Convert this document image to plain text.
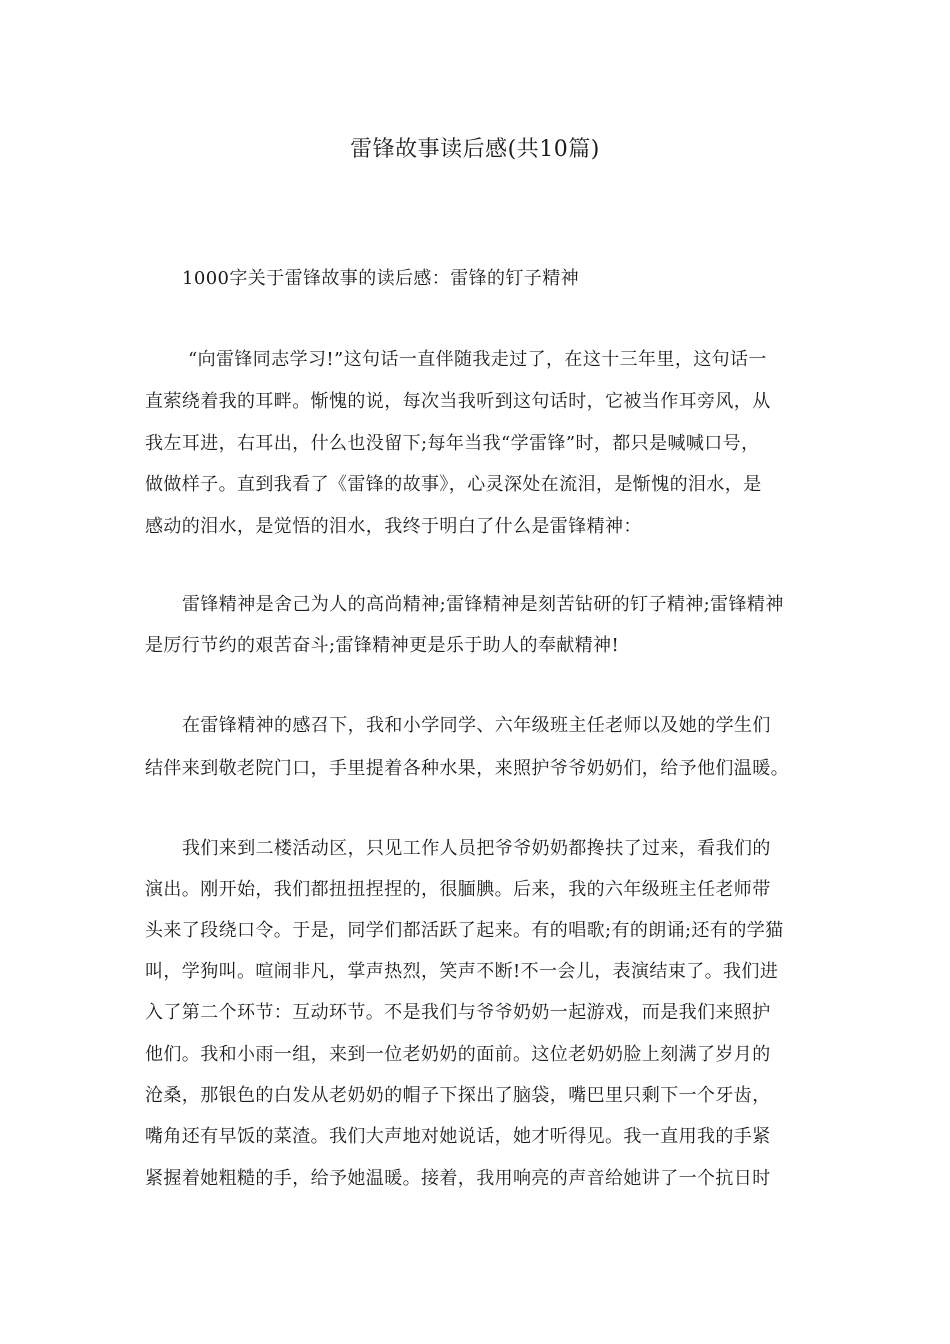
雷锋故事读后感(共10篇)
1000字关于雷锋故事的读后感：雷锋的钉子精神
“向雷锋同志学习!”这句话一直伴随我走过了，在这十三年里，这句话一
直萦绕着我的耳畔。惭愧的说，每次当我听到这句话时，它被当作耳旁风，从
我左耳进，右耳出，什么也没留下;每年当我“学雷锋”时，都只是喊喊口号，
做做样子。直到我看了《雷锋的故事》，心灵深处在流泪，是惭愧的泪水，是
感动的泪水，是觉悟的泪水，我终于明白了什么是雷锋精神：
雷锋精神是舍己为人的高尚精神;雷锋精神是刻苦钻研的钉子精神;雷锋精神
是厉行节约的艰苦奋斗;雷锋精神更是乐于助人的奉献精神!
在雷锋精神的感召下，我和小学同学、六年级班主任老师以及她的学生们
结伴来到敬老院门口，手里提着各种水果，来照护爷爷奶奶们，给予他们温暖。
我们来到二楼活动区，只见工作人员把爷爷奶奶都搀扶了过来，看我们的
演出。刚开始，我们都扭扭捏捏的，很腼腆。后来，我的六年级班主任老师带
头来了段绕口令。于是，同学们都活跃了起来。有的唱歌;有的朗诵;还有的学猫
叫，学狗叫。喧闹非凡，掌声热烈，笑声不断!不一会儿，表演结束了。我们进
入了第二个环节：互动环节。不是我们与爷爷奶奶一起游戏，而是我们来照护
他们。我和小雨一组，来到一位老奶奶的面前。这位老奶奶脸上刻满了岁月的
沧桑，那银色的白发从老奶奶的帽子下探出了脑袋，嘴巴里只剩下一个牙齿，
嘴角还有早饭的菜渣。我们大声地对她说话，她才听得见。我一直用我的手紧
紧握着她粗糙的手，给予她温暖。接着，我用响亮的声音给她讲了一个抗日时
